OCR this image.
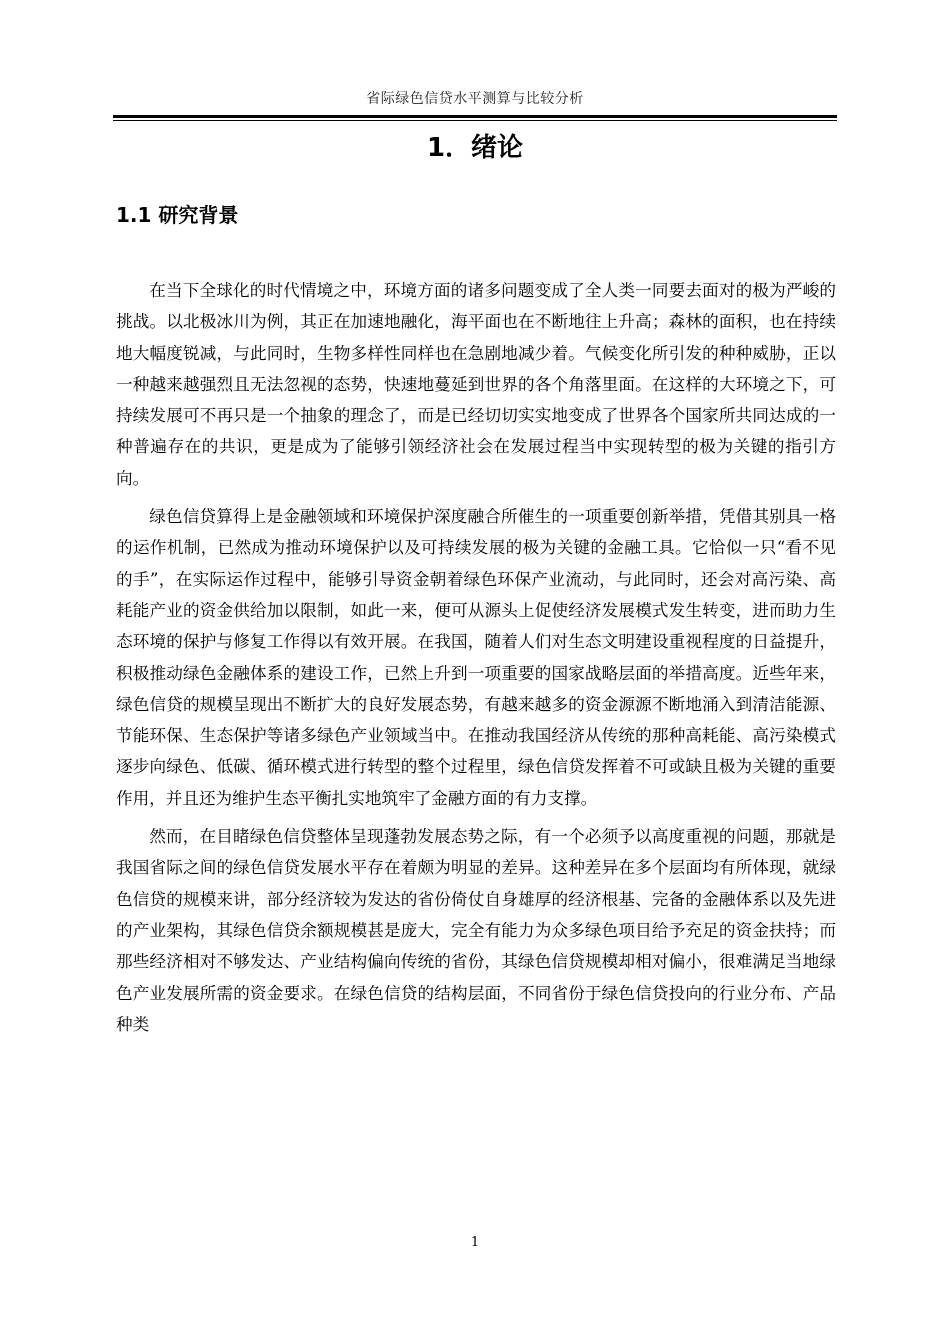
省际绿色信贷水平测算与比较分析
1．绪论
1.1 研究背景

在当下全球化的时代情境之中，环境方面的诸多问题变成了全人类一同要去面对的极为严峻的挑战。以北极冰川为例，其正在加速地融化，海平面也在不断地往上升高；森林的面积，也在持续地大幅度锐减，与此同时，生物多样性同样也在急剧地减少着。气候变化所引发的种种威胁，正以一种越来越强烈且无法忽视的态势，快速地蔓延到世界的各个角落里面。在这样的大环境之下，可持续发展可不再只是一个抽象的理念了，而是已经切切实实地变成了世界各个国家所共同达成的一种普遍存在的共识，更是成为了能够引领经济社会在发展过程当中实现转型的极为关键的指引方向。

绿色信贷算得上是金融领域和环境保护深度融合所催生的一项重要创新举措，凭借其别具一格的运作机制，已然成为推动环境保护以及可持续发展的极为关键的金融工具。它恰似一只“看不见的手”，在实际运作过程中，能够引导资金朝着绿色环保产业流动，与此同时，还会对高污染、高耗能产业的资金供给加以限制，如此一来，便可从源头上促使经济发展模式发生转变，进而助力生态环境的保护与修复工作得以有效开展。在我国，随着人们对生态文明建设重视程度的日益提升，积极推动绿色金融体系的建设工作，已然上升到一项重要的国家战略层面的举措高度。近些年来，绿色信贷的规模呈现出不断扩大的良好发展态势，有越来越多的资金源源不断地涌入到清洁能源、节能环保、生态保护等诸多绿色产业领域当中。在推动我国经济从传统的那种高耗能、高污染模式逐步向绿色、低碳、循环模式进行转型的整个过程里，绿色信贷发挥着不可或缺且极为关键的重要作用，并且还为维护生态平衡扎实地筑牢了金融方面的有力支撑。

然而，在目睹绿色信贷整体呈现蓬勃发展态势之际，有一个必须予以高度重视的问题，那就是我国省际之间的绿色信贷发展水平存在着颇为明显的差异。这种差异在多个层面均有所体现，就绿色信贷的规模来讲，部分经济较为发达的省份倚仗自身雄厚的经济根基、完备的金融体系以及先进的产业架构，其绿色信贷余额规模甚是庞大，完全有能力为众多绿色项目给予充足的资金扶持；而那些经济相对不够发达、产业结构偏向传统的省份，其绿色信贷规模却相对偏小，很难满足当地绿色产业发展所需的资金要求。在绿色信贷的结构层面，不同省份于绿色信贷投向的行业分布、产品种类

1
